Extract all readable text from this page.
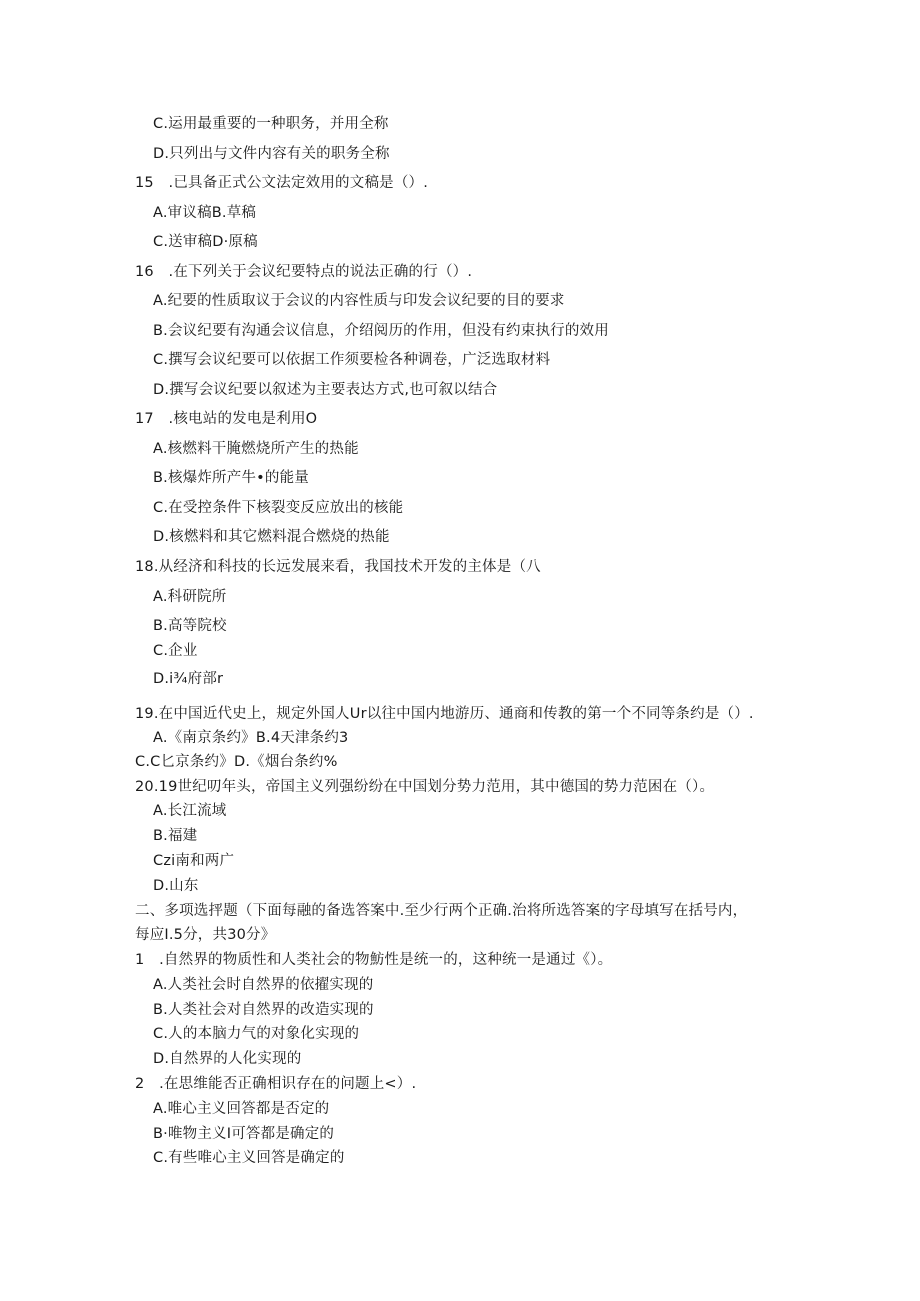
C.运用最重要的一种职务，并用全称
D.只列出与文件内容有关的职务全称
15 .已具备正式公文法定效用的文稿是（）.
A.审议稿B.草稿
C.送审稿D·原稿
16 .在下列关于会议纪要特点的说法正确的行（）.
A.纪要的性质取议于会议的内容性质与印发会议纪要的目的要求
B.会议纪要有沟通会议信息，介绍阅历的作用，但没有约束执行的效用
C.撰写会议纪要可以依据工作须要检各种调卷，广泛选取材料
D.撰写会议纪要以叙述为主要表达方式,也可叙以结合
17 .核电站的发电是利用O
A.核燃料干腌燃烧所产生的热能
B.核爆炸所产牛•的能量
C.在受控条件下核裂变反应放出的核能
D.核燃料和其它燃料混合燃烧的热能
18.从经济和科技的长远发展来看，我国技术开发的主体是（八
A.科研院所
B.高等院校
C.企业
D.i¾府部r
19.在中国近代史上，规定外国人Ur以往中国内地游历、通商和传教的第一个不同等条约是（）.
A.《南京条约》B.4天津条约3
C.C匕京条约》D.《烟台条约%
20.19世纪叨年头，帝国主义列强纷纷在中国划分势力范用，其中德国的势力范困在（）。
A.长江流域
B.福建
Czi南和两广
D.山东
二、多项选抨题（下面每融的备选答案中.至少行两个正确.治将所选答案的字母填写在括号内，
每应I.5分，共30分》
1 .自然界的物质性和人类社会的物魴性是统一的，这种统一是通过《）。
A.人类社会时自然界的依擢实现的
B.人类社会对自然界的改造实现的
C.人的本脑力气的对象化实现的
D.自然界的人化实现的
2 .在思维能否正确相识存在的问题上<）.
A.唯心主义回答都是否定的
B·唯物主义I可答都是确定的
C.有些唯心主义回答是确定的
